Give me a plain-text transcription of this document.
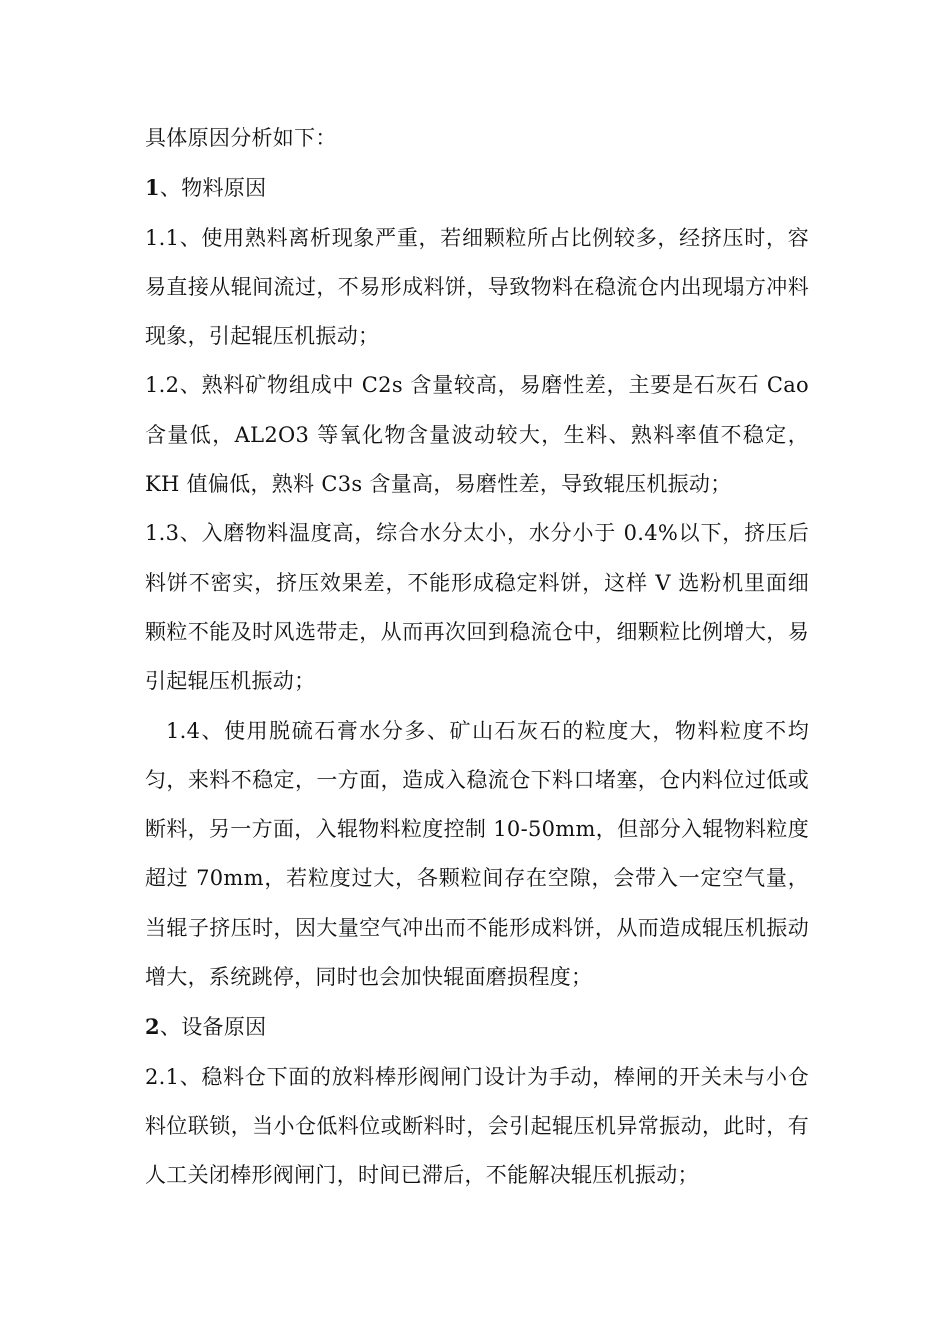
具体原因分析如下：

1、物料原因

1.1、使用熟料离析现象严重，若细颗粒所占比例较多，经挤压时，容易直接从辊间流过，不易形成料饼，导致物料在稳流仓内出现塌方冲料现象，引起辊压机振动；

1.2、熟料矿物组成中 C2s 含量较高，易磨性差，主要是石灰石 Cao 含量低，AL2O3 等氧化物含量波动较大，生料、熟料率值不稳定，KH 值偏低，熟料 C3s 含量高，易磨性差，导致辊压机振动；

1.3、入磨物料温度高，综合水分太小，水分小于 0.4%以下，挤压后料饼不密实，挤压效果差，不能形成稳定料饼，这样 V 选粉机里面细颗粒不能及时风选带走，从而再次回到稳流仓中，细颗粒比例增大，易引起辊压机振动；

1.4、使用脱硫石膏水分多、矿山石灰石的粒度大，物料粒度不均匀，来料不稳定，一方面，造成入稳流仓下料口堵塞，仓内料位过低或断料，另一方面，入辊物料粒度控制 10-50mm，但部分入辊物料粒度超过 70mm，若粒度过大，各颗粒间存在空隙，会带入一定空气量，当辊子挤压时，因大量空气冲出而不能形成料饼，从而造成辊压机振动增大，系统跳停，同时也会加快辊面磨损程度；

2、设备原因

2.1、稳料仓下面的放料棒形阀闸门设计为手动，棒闸的开关未与小仓料位联锁，当小仓低料位或断料时，会引起辊压机异常振动，此时，有人工关闭棒形阀闸门，时间已滞后，不能解决辊压机振动；
